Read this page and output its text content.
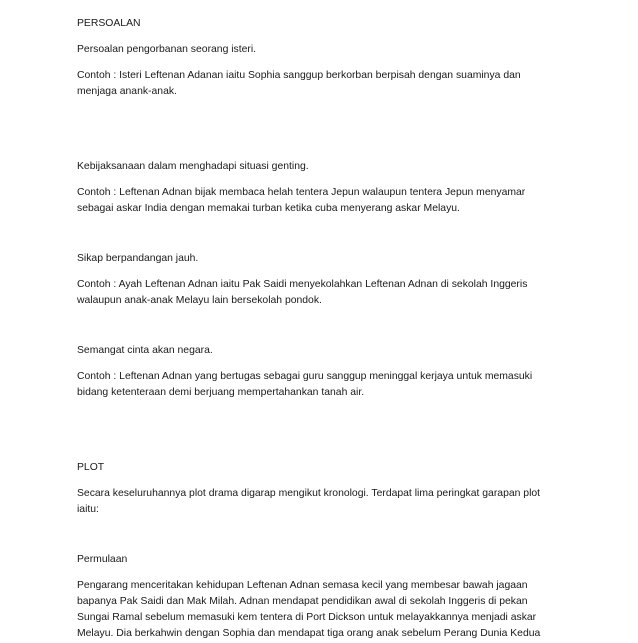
PERSOALAN

Persoalan pengorbanan seorang isteri.

Contoh : Isteri Leftenan Adanan iaitu Sophia sanggup berkorban berpisah dengan suaminya dan
menjaga anank-anak.

Kebijaksanaan dalam menghadapi situasi genting.

Contoh : Leftenan Adnan bijak membaca helah tentera Jepun walaupun tentera Jepun menyamar
sebagai askar India dengan memakai turban ketika cuba menyerang askar Melayu.

Sikap berpandangan jauh.

Contoh : Ayah Leftenan Adnan iaitu Pak Saidi menyekolahkan Leftenan Adnan di sekolah Inggeris
walaupun anak-anak Melayu lain bersekolah pondok.

Semangat cinta akan negara.

Contoh : Leftenan Adnan yang bertugas sebagai guru sanggup meninggal kerjaya untuk memasuki
bidang ketenteraan demi berjuang mempertahankan tanah air.

PLOT

Secara keseluruhannya plot drama digarap mengikut kronologi. Terdapat lima peringkat garapan plot
iaitu:

Permulaan

Pengarang menceritakan kehidupan Leftenan Adnan semasa kecil yang membesar bawah jagaan
bapanya Pak Saidi dan Mak Milah. Adnan mendapat pendidikan awal di sekolah Inggeris di pekan
Sungai Ramal sebelum memasuki kem tentera di Port Dickson untuk melayakkannya menjadi askar
Melayu. Dia berkahwin dengan Sophia dan mendapat tiga orang anak sebelum Perang Dunia Kedua
